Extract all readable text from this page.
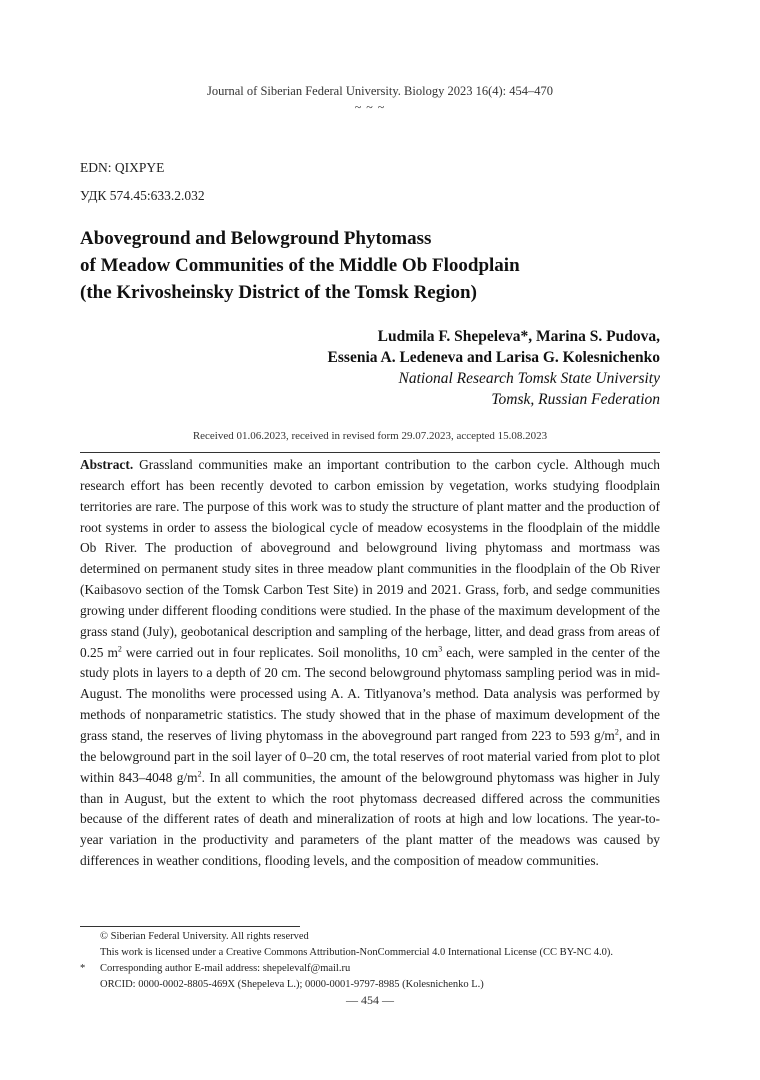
Journal of Siberian Federal University. Biology 2023 16(4): 454–470
~ ~ ~
EDN: QIXPYE
УДК 574.45:633.2.032
Aboveground and Belowground Phytomass
of Meadow Communities of the Middle Ob Floodplain
(the Krivosheinsky District of the Tomsk Region)
Ludmila F. Shepeleva*, Marina S. Pudova,
Essenia A. Ledeneva and Larisa G. Kolesnichenko
National Research Tomsk State University
Tomsk, Russian Federation
Received 01.06.2023, received in revised form 29.07.2023, accepted 15.08.2023

Abstract. Grassland communities make an important contribution to the carbon cycle. Although much research effort has been recently devoted to carbon emission by vegetation, works studying floodplain territories are rare. The purpose of this work was to study the structure of plant matter and the production of root systems in order to assess the biological cycle of meadow ecosystems in the floodplain of the middle Ob River. The production of aboveground and belowground living phytomass and mortmass was determined on permanent study sites in three meadow plant communities in the floodplain of the Ob River (Kaibasovo section of the Tomsk Carbon Test Site) in 2019 and 2021. Grass, forb, and sedge communities growing under different flooding conditions were studied. In the phase of the maximum development of the grass stand (July), geobotanical description and sampling of the herbage, litter, and dead grass from areas of 0.25 $m^2$ were carried out in four replicates. Soil monoliths, 10 $cm^3$ each, were sampled in the center of the study plots in layers to a depth of 20 cm. The second belowground phytomass sampling period was in mid-August. The monoliths were processed using A. A. Titlyanova’s method. Data analysis was performed by methods of nonparametric statistics. The study showed that in the phase of maximum development of the grass stand, the reserves of living phytomass in the aboveground part ranged from 223 to 593 $g/m^2$, and in the belowground part in the soil layer of 0–20 cm, the total reserves of root material varied from plot to plot within 843–4048 $g/m^2$. In all communities, the amount of the belowground phytomass was higher in July than in August, but the extent to which the root phytomass decreased differed across the communities because of the different rates of death and mineralization of roots at high and low locations. The year-to-year variation in the productivity and parameters of the plant matter of the meadows was caused by differences in weather conditions, flooding levels, and the composition of meadow communities.

© Siberian Federal University. All rights reserved
This work is licensed under a Creative Commons Attribution-NonCommercial 4.0 International License (CC BY-NC 4.0).
* Corresponding author E-mail address: shepelevalf@mail.ru
ORCID: 0000-0002-8805-469X (Shepeleva L.); 0000-0001-9797-8985 (Kolesnichenko L.)
— 454 —
